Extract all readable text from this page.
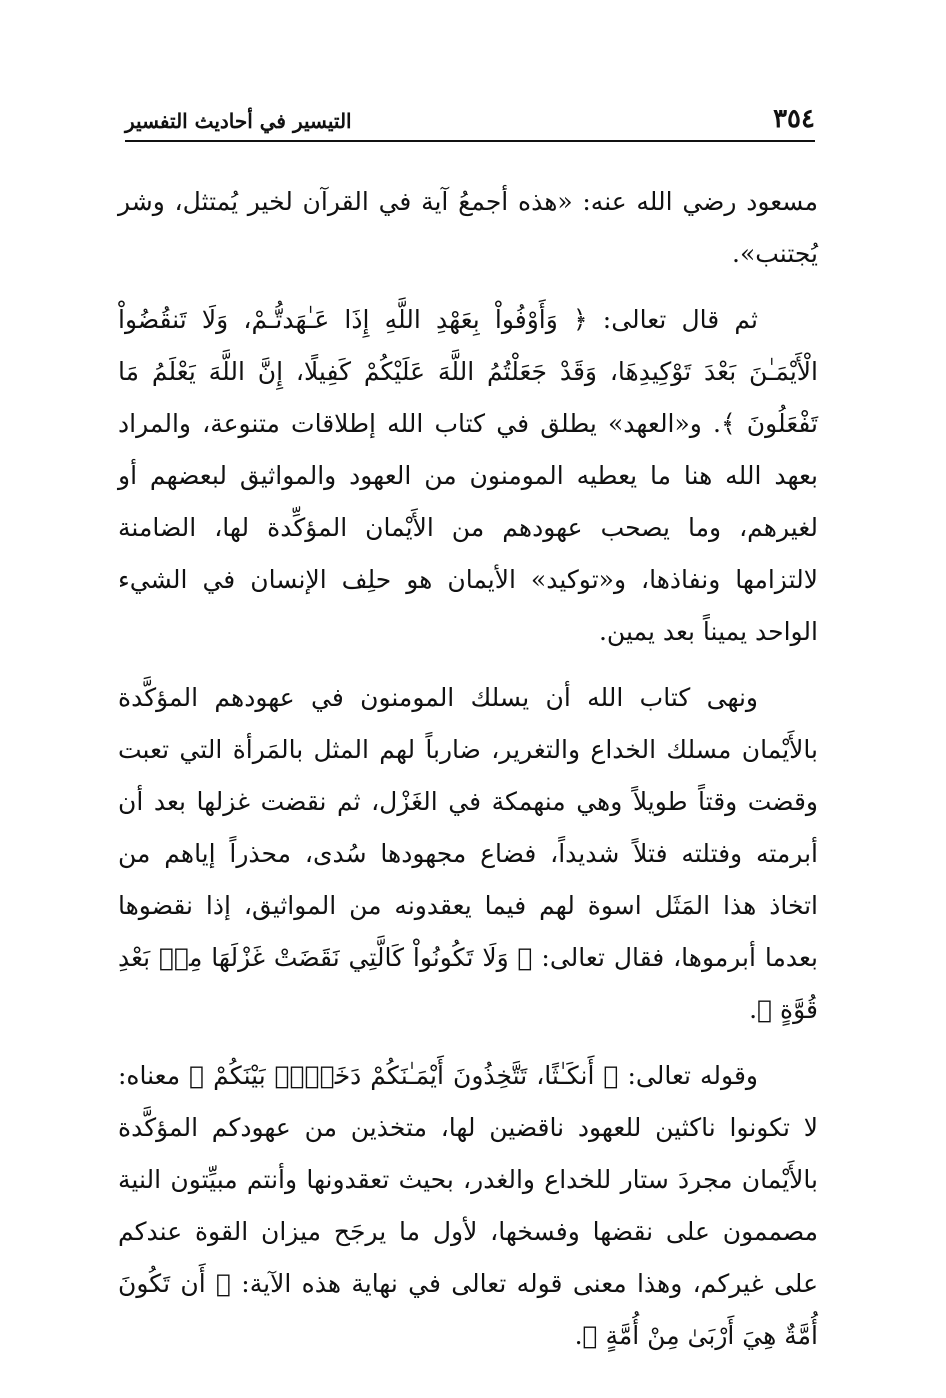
٣٥٤
التيسير في أحاديث التفسير

مسعود رضي الله عنه: «هذه أجمعُ آية في القرآن لخير يُمتثل، وشر يُجتنب».

ثم قال تعالى: ﴿ وَأَوْفُواْ بِعَهْدِ اللَّهِ إِذَا عَـٰهَدتُّـمْ، وَلَا تَنقُضُواْ الْأَيْمَـٰنَ بَعْدَ تَوْكِيدِهَا، وَقَدْ جَعَلْتُمُ اللَّهَ عَلَيْكُمْ كَفِيلًا، إِنَّ اللَّهَ يَعْلَمُ مَا تَفْعَلُونَ ﴾. و«العهد» يطلق في كتاب الله إطلاقات متنوعة، والمراد بعهد الله هنا ما يعطيه المومنون من العهود والمواثيق لبعضهم أو لغيرهم، وما يصحب عهودهم من الأَيْمان المؤكِّدة لها، الضامنة لالتزامها ونفاذها، و«توكيد» الأيمان هو حلِف الإنسان في الشيء الواحد يميناً بعد يمين.

ونهى كتاب الله أن يسلك المومنون في عهودهم المؤكَّدة بالأَيْمان مسلك الخداع والتغرير، ضارباً لهم المثل بالمَرأة التي تعبت وقضت وقتاً طويلاً وهي منهمكة في الغَزْل، ثم نقضت غزلها بعد أن أبرمته وفتلته فتلاً شديداً، فضاع مجهودها سُدى، محذراً إياهم من اتخاذ هذا المَثَل اسوة لهم فيما يعقدونه من المواثيق، إذا نقضوها بعدما أبرموها، فقال تعالى: ﴿ وَلَا تَكُونُواْ كَالَّتِي نَقَضَتْ غَزْلَهَا مِنۢ بَعْدِ قُوَّةٍ ﴾.

وقوله تعالى: ﴿ أَنكَـٰثًا، تَتَّخِذُونَ أَيْمَـٰنَكُمْ دَخَلًاۢ بَيْنَكُمْ ﴾ معناه: لا تكونوا ناكثين للعهود ناقضين لها، متخذين من عهودكم المؤكَّدة بالأَيْمان مجردَ ستار للخداع والغدر، بحيث تعقدونها وأنتم مبيِّتون النية مصممون على نقضها وفسخها، لأول ما يرجَح ميزان القوة عندكم على غيركم، وهذا معنى قوله تعالى في نهاية هذه الآية: ﴿ أَن تَكُونَ أُمَّةٌ هِيَ أَرْبَىٰ مِنْ أُمَّةٍ ﴾.
